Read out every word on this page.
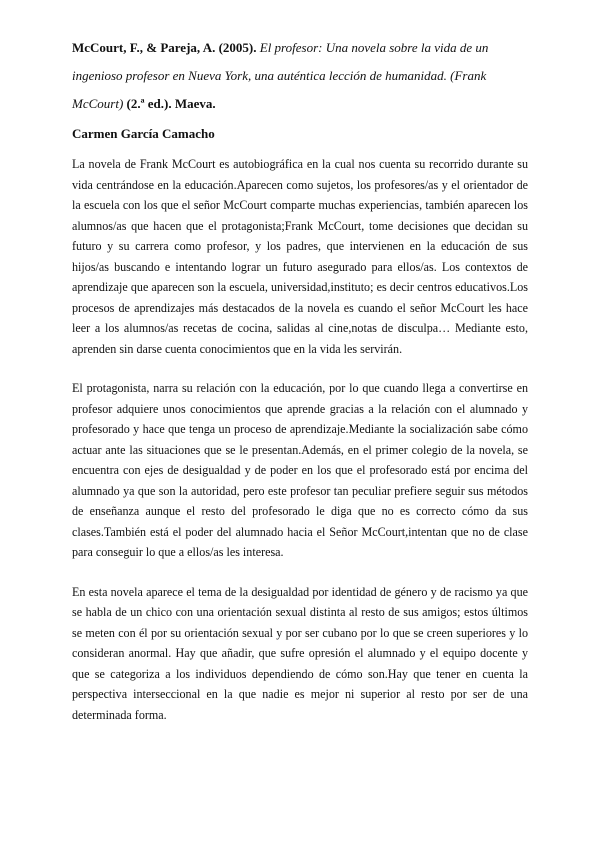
McCourt, F., & Pareja, A. (2005). El profesor: Una novela sobre la vida de un ingenioso profesor en Nueva York, una auténtica lección de humanidad. (Frank McCourt) (2.ª ed.). Maeva.
Carmen García Camacho

La novela de Frank McCourt es autobiográfica en la cual nos cuenta su recorrido durante su vida centrándose en la educación.Aparecen como sujetos, los profesores/as y el orientador de la escuela con los que el señor McCourt comparte muchas experiencias, también aparecen los alumnos/as que hacen que el protagonista;Frank McCourt, tome decisiones que decidan su futuro y su carrera como profesor, y los padres, que intervienen en la educación de sus hijos/as buscando e intentando lograr un futuro asegurado para ellos/as. Los contextos de aprendizaje que aparecen son la escuela, universidad,instituto; es decir centros educativos.Los procesos de aprendizajes más destacados de la novela es cuando el señor McCourt les hace leer a los alumnos/as recetas de cocina, salidas al cine,notas de disculpa… Mediante esto, aprenden sin darse cuenta conocimientos que en la vida les servirán.

El protagonista, narra su relación con la educación, por lo que cuando llega a convertirse en profesor adquiere unos conocimientos que aprende gracias a la relación con el alumnado y profesorado y hace que tenga un proceso de aprendizaje.Mediante la socialización sabe cómo actuar ante las situaciones que se le presentan.Además, en el primer colegio de la novela, se encuentra con ejes de desigualdad y de poder en los que el profesorado está por encima del alumnado ya que son la autoridad, pero este profesor tan peculiar prefiere seguir sus métodos de enseñanza aunque el resto del profesorado le diga que no es correcto cómo da sus clases.También está el poder del alumnado hacia el Señor McCourt,intentan que no de clase para conseguir lo que a ellos/as les interesa.

En esta novela aparece el tema de la desigualdad por identidad de género y de racismo ya que se habla de un chico con una orientación sexual distinta al resto de sus amigos; estos últimos se meten con él por su orientación sexual y por ser cubano por lo que se creen superiores y lo consideran anormal. Hay que añadir, que sufre opresión el alumnado y el equipo docente y que se categoriza a los individuos dependiendo de cómo son.Hay que tener en cuenta la perspectiva interseccional en la que nadie es mejor ni superior al resto por ser de una determinada forma.
